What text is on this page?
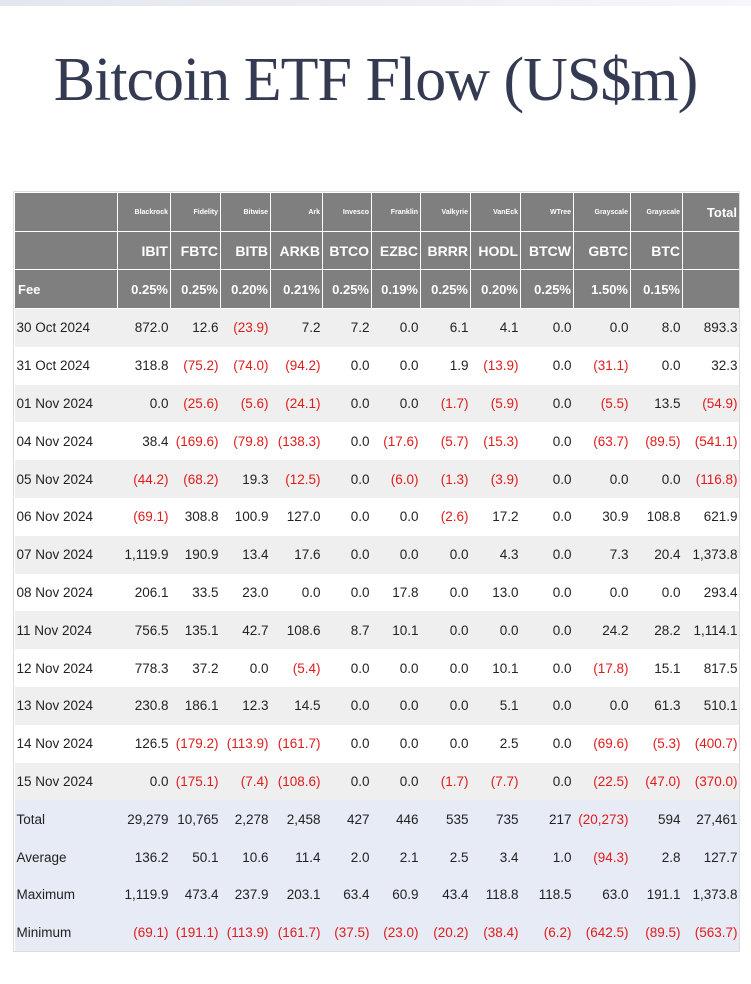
Bitcoin ETF Flow (US$m)
	Blackrock	Fidelity	Bitwise	Ark	Invesco	Franklin	Valkyrie	VanEck	WTree	Grayscale	Grayscale	Total
	IBIT	FBTC	BITB	ARKB	BTCO	EZBC	BRRR	HODL	BTCW	GBTC	BTC	
Fee	0.25%	0.25%	0.20%	0.21%	0.25%	0.19%	0.25%	0.20%	0.25%	1.50%	0.15%	
30 Oct 2024	872.0	12.6	(23.9)	7.2	7.2	0.0	6.1	4.1	0.0	0.0	8.0	893.3
31 Oct 2024	318.8	(75.2)	(74.0)	(94.2)	0.0	0.0	1.9	(13.9)	0.0	(31.1)	0.0	32.3
01 Nov 2024	0.0	(25.6)	(5.6)	(24.1)	0.0	0.0	(1.7)	(5.9)	0.0	(5.5)	13.5	(54.9)
04 Nov 2024	38.4	(169.6)	(79.8)	(138.3)	0.0	(17.6)	(5.7)	(15.3)	0.0	(63.7)	(89.5)	(541.1)
05 Nov 2024	(44.2)	(68.2)	19.3	(12.5)	0.0	(6.0)	(1.3)	(3.9)	0.0	0.0	0.0	(116.8)
06 Nov 2024	(69.1)	308.8	100.9	127.0	0.0	0.0	(2.6)	17.2	0.0	30.9	108.8	621.9
07 Nov 2024	1,119.9	190.9	13.4	17.6	0.0	0.0	0.0	4.3	0.0	7.3	20.4	1,373.8
08 Nov 2024	206.1	33.5	23.0	0.0	0.0	17.8	0.0	13.0	0.0	0.0	0.0	293.4
11 Nov 2024	756.5	135.1	42.7	108.6	8.7	10.1	0.0	0.0	0.0	24.2	28.2	1,114.1
12 Nov 2024	778.3	37.2	0.0	(5.4)	0.0	0.0	0.0	10.1	0.0	(17.8)	15.1	817.5
13 Nov 2024	230.8	186.1	12.3	14.5	0.0	0.0	0.0	5.1	0.0	0.0	61.3	510.1
14 Nov 2024	126.5	(179.2)	(113.9)	(161.7)	0.0	0.0	0.0	2.5	0.0	(69.6)	(5.3)	(400.7)
15 Nov 2024	0.0	(175.1)	(7.4)	(108.6)	0.0	0.0	(1.7)	(7.7)	0.0	(22.5)	(47.0)	(370.0)
Total	29,279	10,765	2,278	2,458	427	446	535	735	217	(20,273)	594	27,461
Average	136.2	50.1	10.6	11.4	2.0	2.1	2.5	3.4	1.0	(94.3)	2.8	127.7
Maximum	1,119.9	473.4	237.9	203.1	63.4	60.9	43.4	118.8	118.5	63.0	191.1	1,373.8
Minimum	(69.1)	(191.1)	(113.9)	(161.7)	(37.5)	(23.0)	(20.2)	(38.4)	(6.2)	(642.5)	(89.5)	(563.7)
